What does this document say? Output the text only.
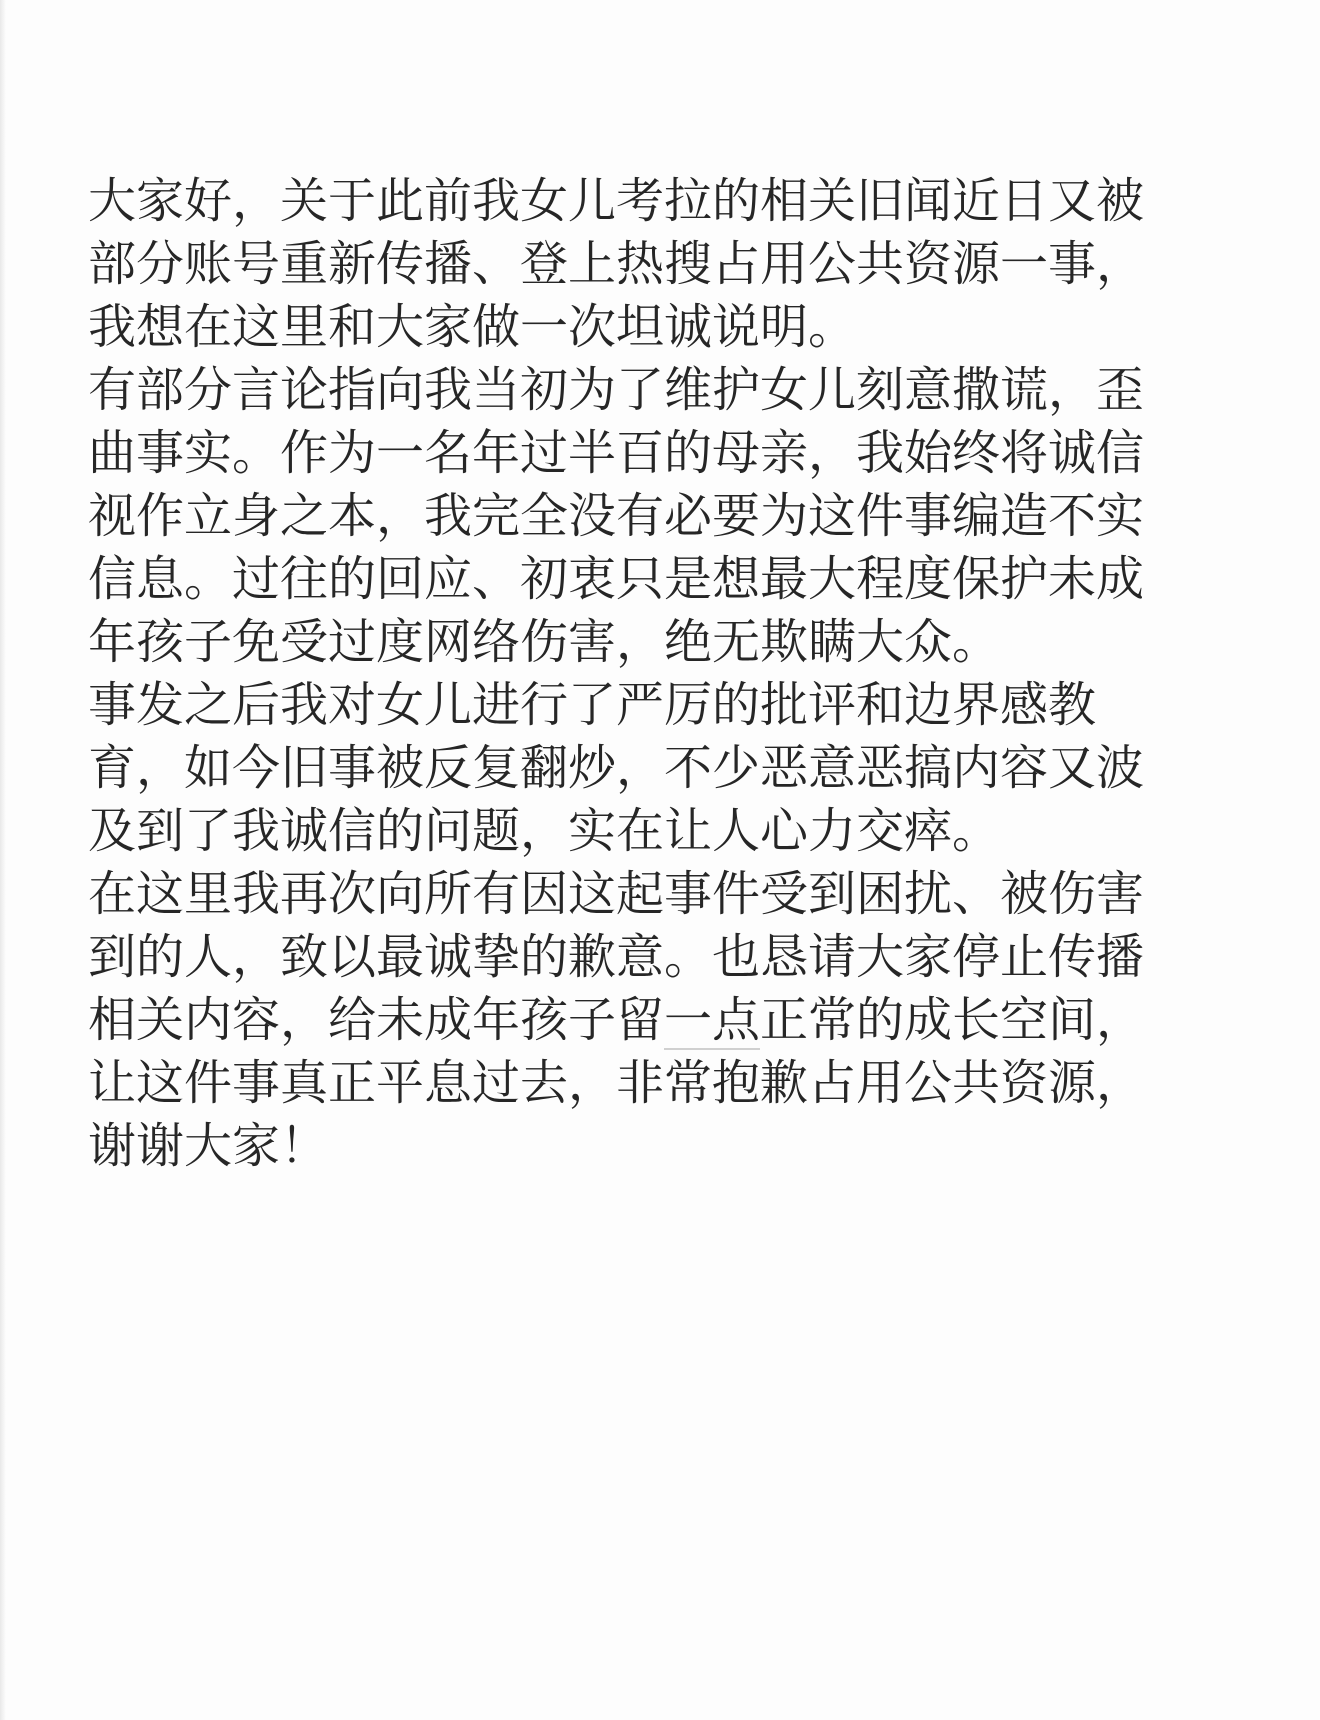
大家好，关于此前我女儿考拉的相关旧闻近日又被
部分账号重新传播、登上热搜占用公共资源一事，
我想在这里和大家做一次坦诚说明。
有部分言论指向我当初为了维护女儿刻意撒谎，歪
曲事实。作为一名年过半百的母亲，我始终将诚信
视作立身之本，我完全没有必要为这件事编造不实
信息。过往的回应、初衷只是想最大程度保护未成
年孩子免受过度网络伤害，绝无欺瞒大众。
事发之后我对女儿进行了严厉的批评和边界感教
育，如今旧事被反复翻炒，不少恶意恶搞内容又波
及到了我诚信的问题，实在让人心力交瘁。
在这里我再次向所有因这起事件受到困扰、被伤害
到的人，致以最诚挚的歉意。也恳请大家停止传播
相关内容，给未成年孩子留一点正常的成长空间，
让这件事真正平息过去，非常抱歉占用公共资源，
谢谢大家！
